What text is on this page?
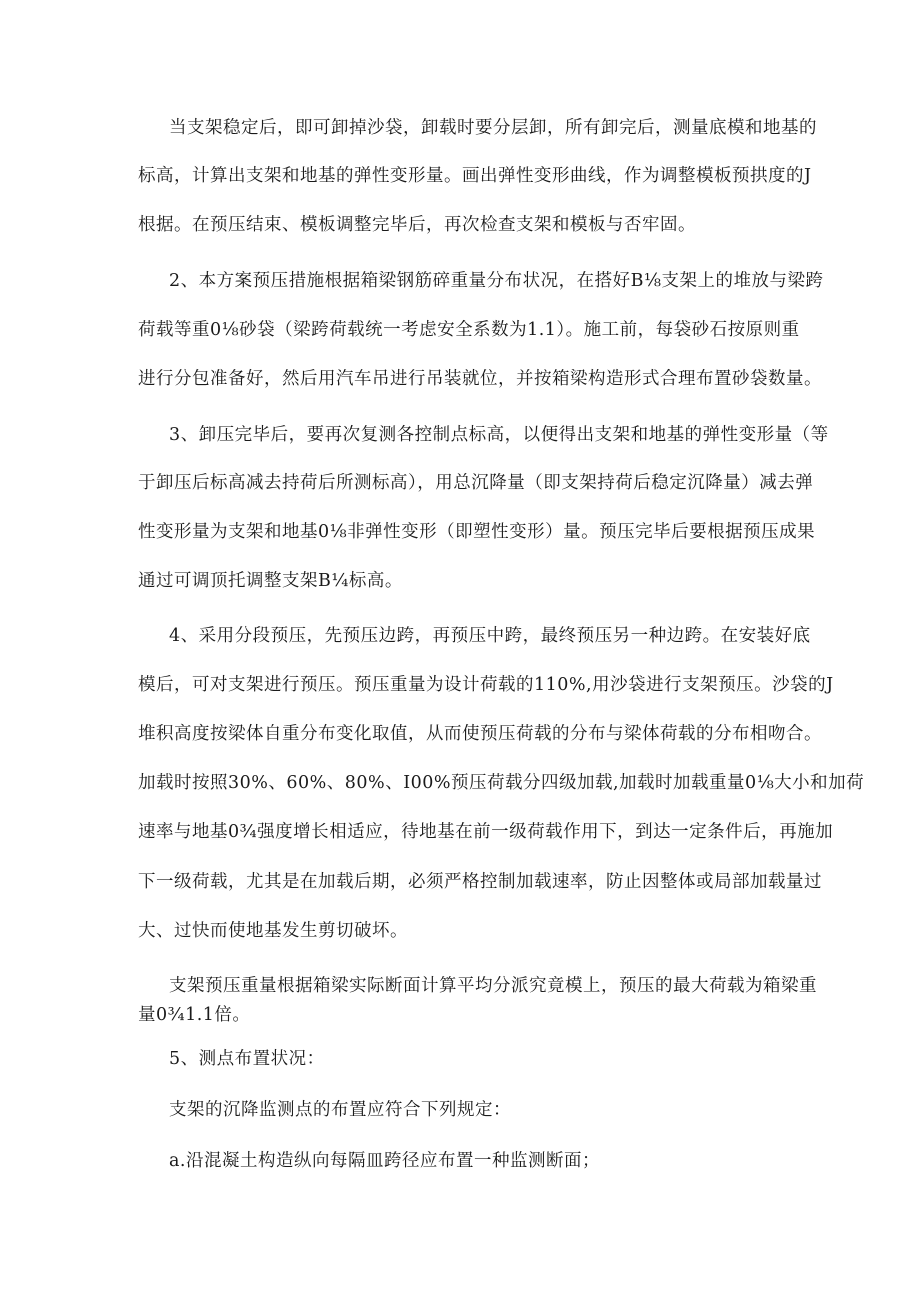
当支架稳定后，即可卸掉沙袋，卸载时要分层卸，所有卸完后，测量底模和地基的
标高，计算出支架和地基的弹性变形量。画出弹性变形曲线，作为调整模板预拱度的J
根据。在预压结束、模板调整完毕后，再次检查支架和模板与否牢固。
2、本方案预压措施根据箱梁钢筋碎重量分布状况，在搭好B⅛支架上的堆放与梁跨
荷载等重0⅛砂袋（梁跨荷载统一考虑安全系数为1.1）。施工前，每袋砂石按原则重
进行分包准备好，然后用汽车吊进行吊装就位，并按箱梁构造形式合理布置砂袋数量。
3、卸压完毕后，要再次复测各控制点标高，以便得出支架和地基的弹性变形量（等
于卸压后标高减去持荷后所测标高），用总沉降量（即支架持荷后稳定沉降量）减去弹
性变形量为支架和地基0⅛非弹性变形（即塑性变形）量。预压完毕后要根据预压成果
通过可调顶托调整支架B¼标高。
4、采用分段预压，先预压边跨，再预压中跨，最终预压另一种边跨。在安装好底
模后，可对支架进行预压。预压重量为设计荷载的110%,用沙袋进行支架预压。沙袋的J
堆积高度按梁体自重分布变化取值，从而使预压荷载的分布与梁体荷载的分布相吻合。
加载时按照30%、60%、80%、I00%预压荷载分四级加载,加载时加载重量0⅛大小和加荷
速率与地基0¾强度增长相适应，待地基在前一级荷载作用下，到达一定条件后，再施加
下一级荷载，尤其是在加载后期，必须严格控制加载速率，防止因整体或局部加载量过
大、过快而使地基发生剪切破坏。
支架预压重量根据箱梁实际断面计算平均分派究竟模上，预压的最大荷载为箱梁重
量0¾1.1倍。
5、测点布置状况：
支架的沉降监测点的布置应符合下列规定：
a.沿混凝土构造纵向每隔皿跨径应布置一种监测断面；
